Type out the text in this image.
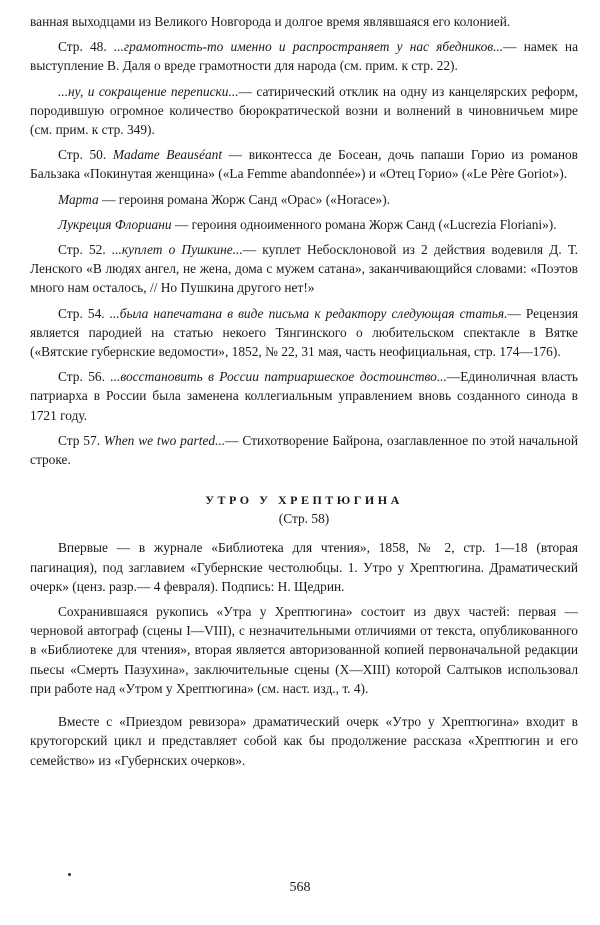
ванная выходцами из Великого Новгорода и долгое время являвшаяся его колонией.

Стр. 48. ...грамотность-то именно и распространяет у нас ябедников...— намек на выступление В. Даля о вреде грамотности для народа (см. прим. к стр. 22).

...ну, и сокращение переписки...— сатирический отклик на одну из канцелярских реформ, породившую огромное количество бюрократической возни и волнений в чиновничьем мире (см. прим. к стр. 349).

Стр. 50. Madame Beauséant — виконтесса де Босеан, дочь папаши Горио из романов Бальзака «Покинутая женщина» («La Femme abandonnée») и «Отец Горио» («Le Père Goriot»).

Марта — героиня романа Жорж Санд «Орас» («Horace»).

Лукреция Флориани — героиня одноименного романа Жорж Санд («Lucrezia Floriani»).

Стр. 52. ...куплет о Пушкине...— куплет Небосклоновой из 2 действия водевиля Д. Т. Ленского «В людях ангел, не жена, дома с мужем сатана», заканчивающийся словами: «Поэтов много нам осталось, // Но Пушкина другого нет!»

Стр. 54. ...была напечатана в виде письма к редактору следующая статья.— Рецензия является пародией на статью некоего Тянгинского о любительском спектакле в Вятке («Вятские губернские ведомости», 1852, № 22, 31 мая, часть неофициальная, стр. 174—176).

Стр. 56. ...восстановить в России патриаршеское достоинство...—Единоличная власть патриарха в России была заменена коллегиальным управлением вновь созданного синода в 1721 году.

Стр 57. When we two parted...— Стихотворение Байрона, озаглавленное по этой начальной строке.

УТРО У ХРЕПТЮГИНА

(Стр. 58)

Впервые — в журнале «Библиотека для чтения», 1858, № 2, стр. 1—18 (вторая пагинация), под заглавием «Губернские честолюбцы. 1. Утро у Хрептюгина. Драматический очерк» (ценз. разр.— 4 февраля). Подпись: Н. Щедрин.

Сохранившаяся рукопись «Утра у Хрептюгина» состоит из двух частей: первая — черновой автограф (сцены I—VIII), с незначительными отличиями от текста, опубликованного в «Библиотеке для чтения», вторая является авторизованной копией первоначальной редакции пьесы «Смерть Пазухина», заключительные сцены (X—XIII) которой Салтыков использовал при работе над «Утром у Хрептюгина» (см. наст. изд., т. 4).

Вместе с «Приездом ревизора» драматический очерк «Утро у Хрептюгина» входит в крутогорский цикл и представляет собой как бы продолжение рассказа «Хрептюгин и его семейство» из «Губернских очерков».

568
